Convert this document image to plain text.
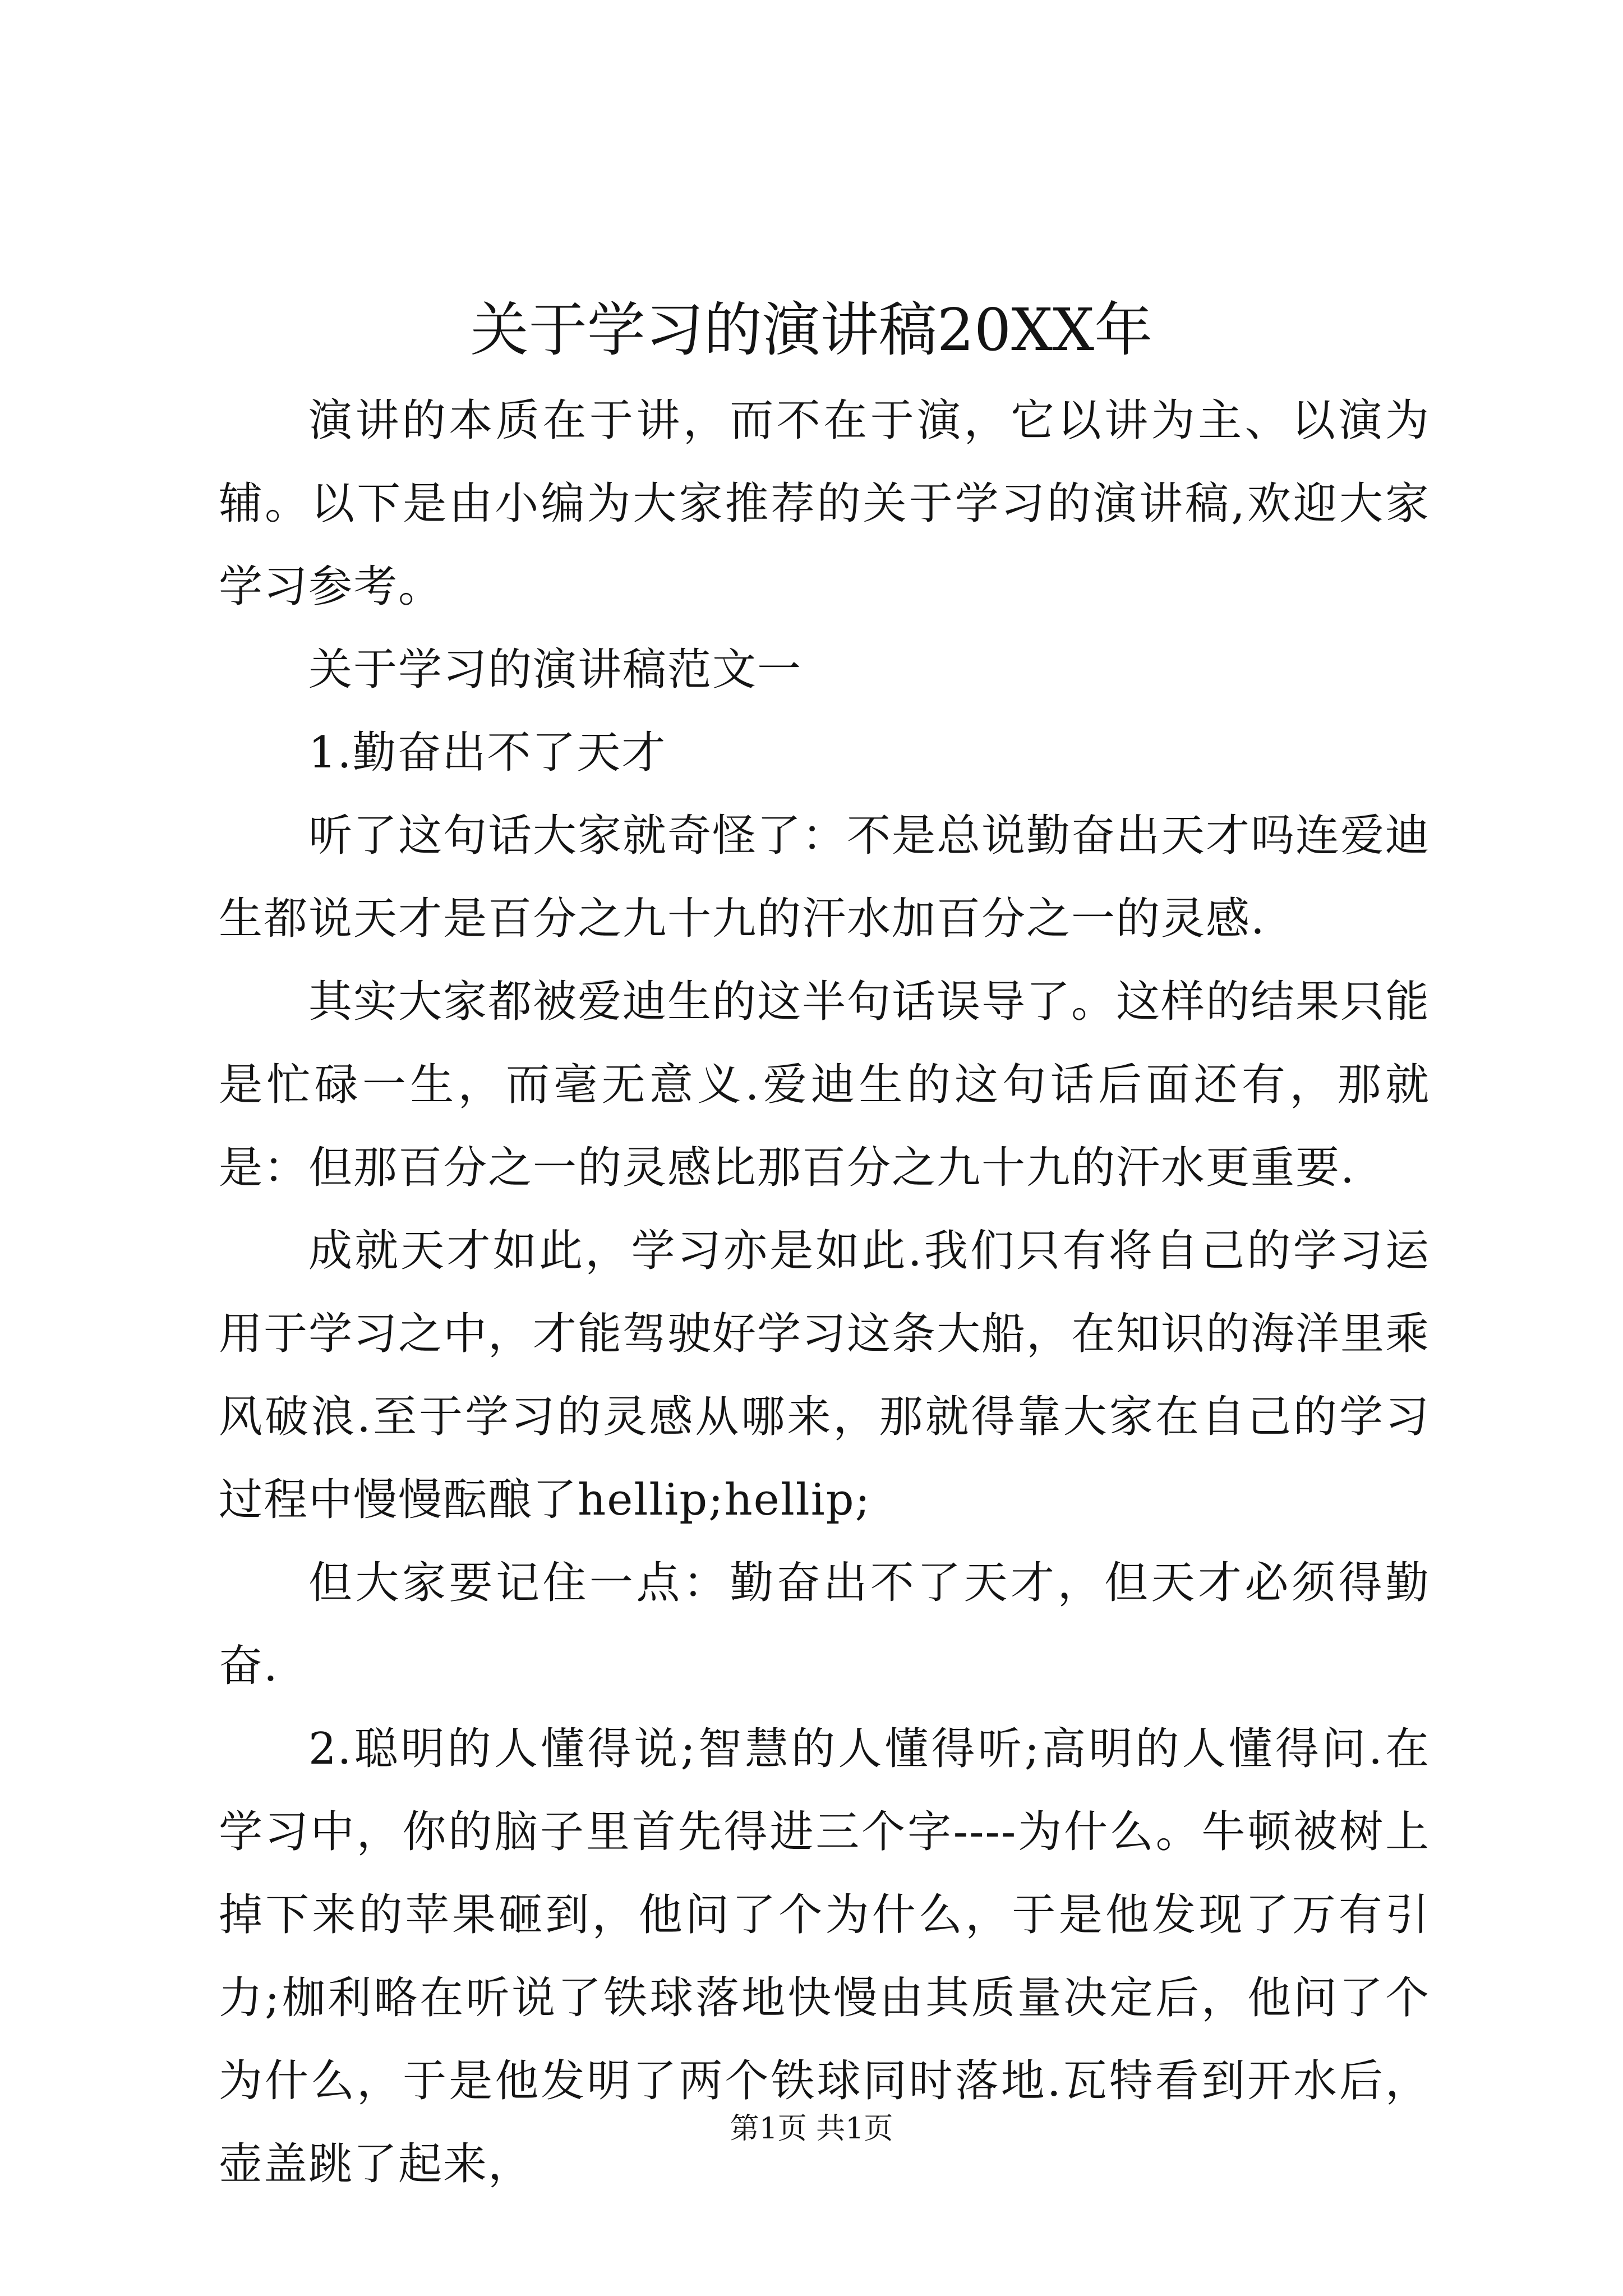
关于学习的演讲稿20XX年

演讲的本质在于讲，而不在于演，它以讲为主、以演为辅。以下是由小编为大家推荐的关于学习的演讲稿,欢迎大家学习参考。

关于学习的演讲稿范文一

1.勤奋出不了天才

听了这句话大家就奇怪了：不是总说勤奋出天才吗连爱迪生都说天才是百分之九十九的汗水加百分之一的灵感.

其实大家都被爱迪生的这半句话误导了。这样的结果只能是忙碌一生，而毫无意义.爱迪生的这句话后面还有，那就是：但那百分之一的灵感比那百分之九十九的汗水更重要.

成就天才如此，学习亦是如此.我们只有将自己的学习运用于学习之中，才能驾驶好学习这条大船，在知识的海洋里乘风破浪.至于学习的灵感从哪来，那就得靠大家在自己的学习过程中慢慢酝酿了hellip;hellip;

但大家要记住一点：勤奋出不了天才，但天才必须得勤奋.

2.聪明的人懂得说;智慧的人懂得听;高明的人懂得问.在学习中，你的脑子里首先得进三个字----为什么。牛顿被树上掉下来的苹果砸到，他问了个为什么，于是他发现了万有引力;枷利略在听说了铁球落地快慢由其质量决定后，他问了个为什么，于是他发明了两个铁球同时落地.瓦特看到开水后，壶盖跳了起来，

第1页 共1页
